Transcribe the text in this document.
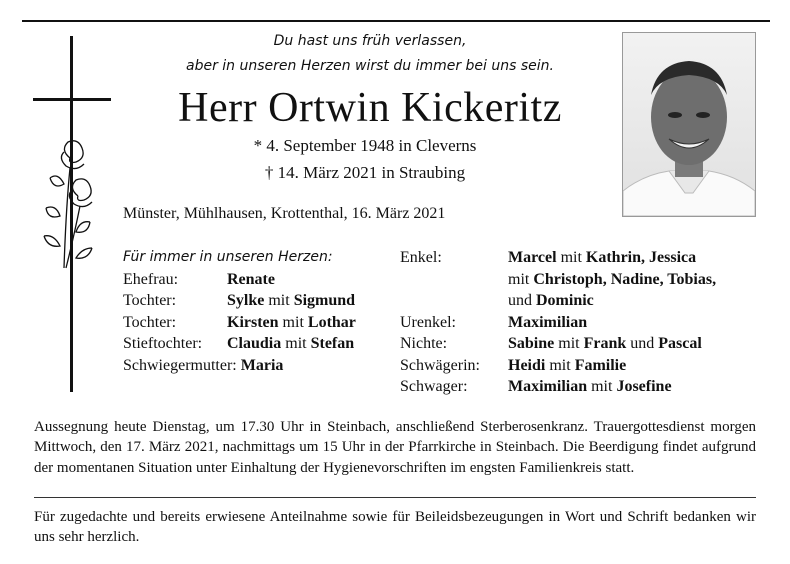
Du hast uns früh verlassen,
aber in unseren Herzen wirst du immer bei uns sein.
Herr Ortwin Kickeritz
* 4. September 1948 in Cleverns
† 14. März 2021 in Straubing
Münster, Mühlhausen, Krottenthal, 16. März 2021
Für immer in unseren Herzen:
Ehefrau:	Renate
Tochter:	Sylke mit Sigmund
Tochter:	Kirsten mit Lothar
Stieftochter: Claudia mit Stefan
Schwiegermutter: Maria
Enkel:	Marcel mit Kathrin, Jessica
mit Christoph, Nadine, Tobias,
und Dominic
Urenkel:	Maximilian
Nichte:	Sabine mit Frank und Pascal
Schwägerin: Heidi mit Familie
Schwager:	Maximilian mit Josefine
Aussegnung heute Dienstag, um 17.30 Uhr in Steinbach, anschließend Sterberosenkranz. Trauergottesdienst morgen Mittwoch, den 17. März 2021, nachmittags um 15 Uhr in der Pfarrkirche in Steinbach. Die Beerdigung findet aufgrund der momentanen Situation unter Einhaltung der Hygienevorschriften im engsten Familienkreis statt.
Für zugedachte und bereits erwiesene Anteilnahme sowie für Beileidsbezeugungen in Wort und Schrift bedanken wir uns sehr herzlich.
